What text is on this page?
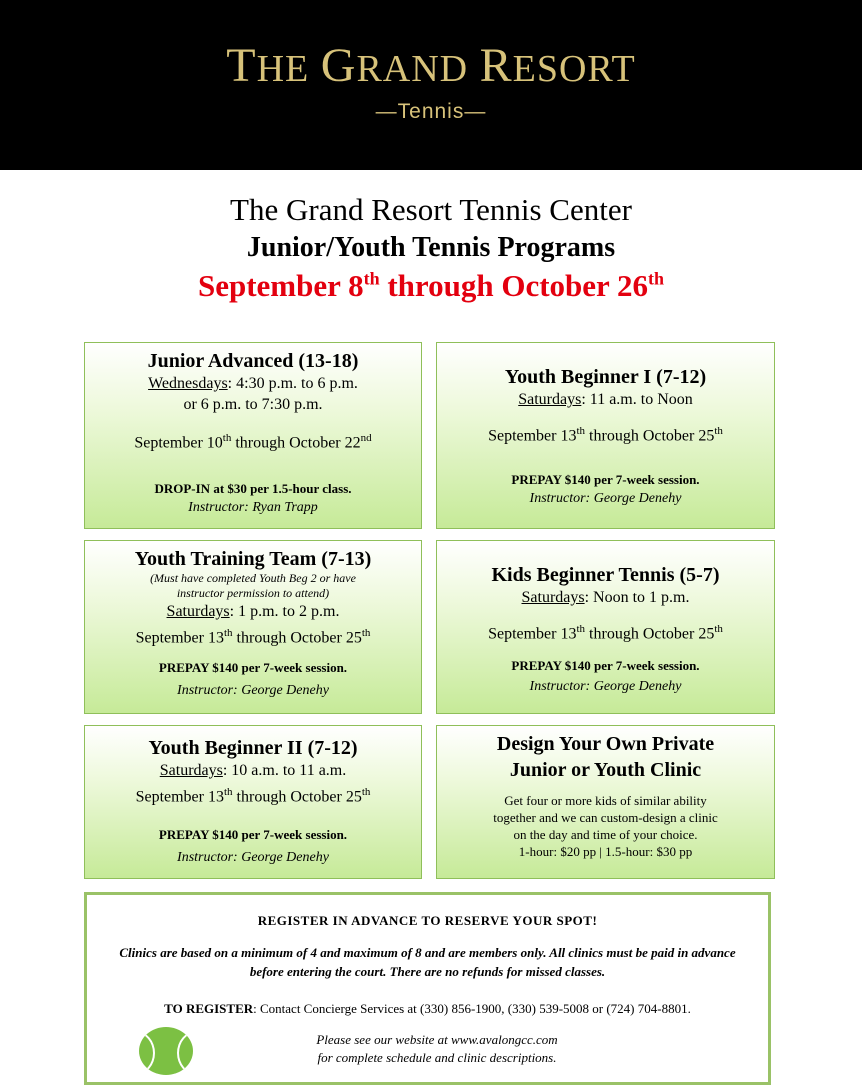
THE GRAND RESORT
—Tennis—
The Grand Resort Tennis Center
Junior/Youth Tennis Programs
September 8th through October 26th
Junior Advanced (13-18)
Wednesdays: 4:30 p.m. to 6 p.m.
or 6 p.m. to 7:30 p.m.
September 10th through October 22nd
DROP-IN at $30 per 1.5-hour class.
Instructor: Ryan Trapp
Youth Beginner I (7-12)
Saturdays: 11 a.m. to Noon
September 13th through October 25th
PREPAY $140 per 7-week session.
Instructor: George Denehy
Youth Training Team (7-13)
(Must have completed Youth Beg 2 or have instructor permission to attend)
Saturdays: 1 p.m. to 2 p.m.
September 13th through October 25th
PREPAY $140 per 7-week session.
Instructor: George Denehy
Kids Beginner Tennis (5-7)
Saturdays: Noon to 1 p.m.
September 13th through October 25th
PREPAY $140 per 7-week session.
Instructor: George Denehy
Youth Beginner II (7-12)
Saturdays: 10 a.m. to 11 a.m.
September 13th through October 25th
PREPAY $140 per 7-week session.
Instructor: George Denehy
Design Your Own Private
Junior or Youth Clinic
Get four or more kids of similar ability
together and we can custom-design a clinic
on the day and time of your choice.
1-hour: $20 pp | 1.5-hour: $30 pp
REGISTER IN ADVANCE TO RESERVE YOUR SPOT!
Clinics are based on a minimum of 4 and maximum of 8 and are members only. All clinics must be paid in advance before entering the court. There are no refunds for missed classes.
TO REGISTER: Contact Concierge Services at (330) 856-1900, (330) 539-5008 or (724) 704-8801.
Please see our website at www.avalongcc.com
for complete schedule and clinic descriptions.
